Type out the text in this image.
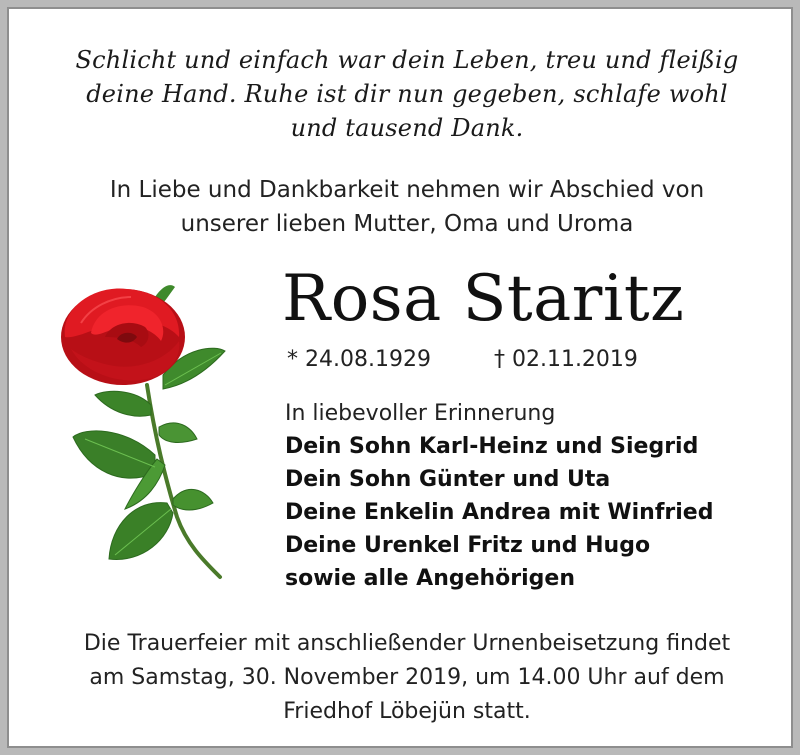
Schlicht und einfach war dein Leben, treu und fleißig
deine Hand. Ruhe ist dir nun gegeben, schlafe wohl
und tausend Dank.
In Liebe und Dankbarkeit nehmen wir Abschied von
unserer lieben Mutter, Oma und Uroma
Rosa Staritz
* 24.08.1929	† 02.11.2019
In liebevoller Erinnerung
Dein Sohn Karl-Heinz und Siegrid
Dein Sohn Günter und Uta
Deine Enkelin Andrea mit Winfried
Deine Urenkel Fritz und Hugo
sowie alle Angehörigen
Die Trauerfeier mit anschließender Urnenbeisetzung findet
am Samstag, 30. November 2019, um 14.00 Uhr auf dem
Friedhof Löbejün statt.
